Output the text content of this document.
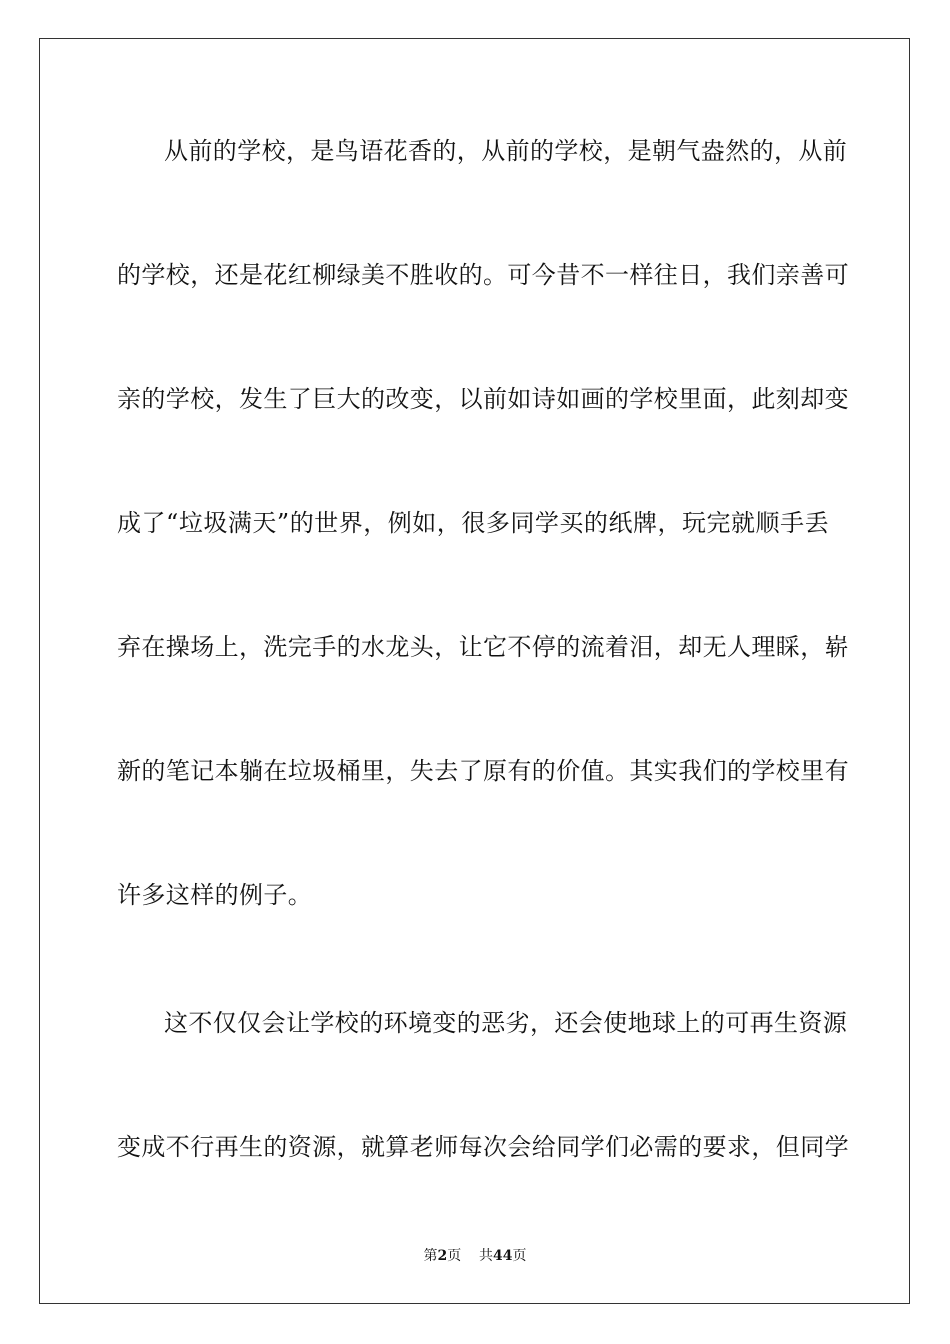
从前的学校，是鸟语花香的，从前的学校，是朝气盎然的，从前
的学校，还是花红柳绿美不胜收的。可今昔不一样往日，我们亲善可
亲的学校，发生了巨大的改变，以前如诗如画的学校里面，此刻却变
成了“垃圾满天”的世界，例如，很多同学买的纸牌，玩完就顺手丢
弃在操场上，洗完手的水龙头，让它不停的流着泪，却无人理睬，崭
新的笔记本躺在垃圾桶里，失去了原有的价值。其实我们的学校里有
许多这样的例子。
这不仅仅会让学校的环境变的恶劣，还会使地球上的可再生资源
变成不行再生的资源，就算老师每次会给同学们必需的要求，但同学
第2页 共44页
